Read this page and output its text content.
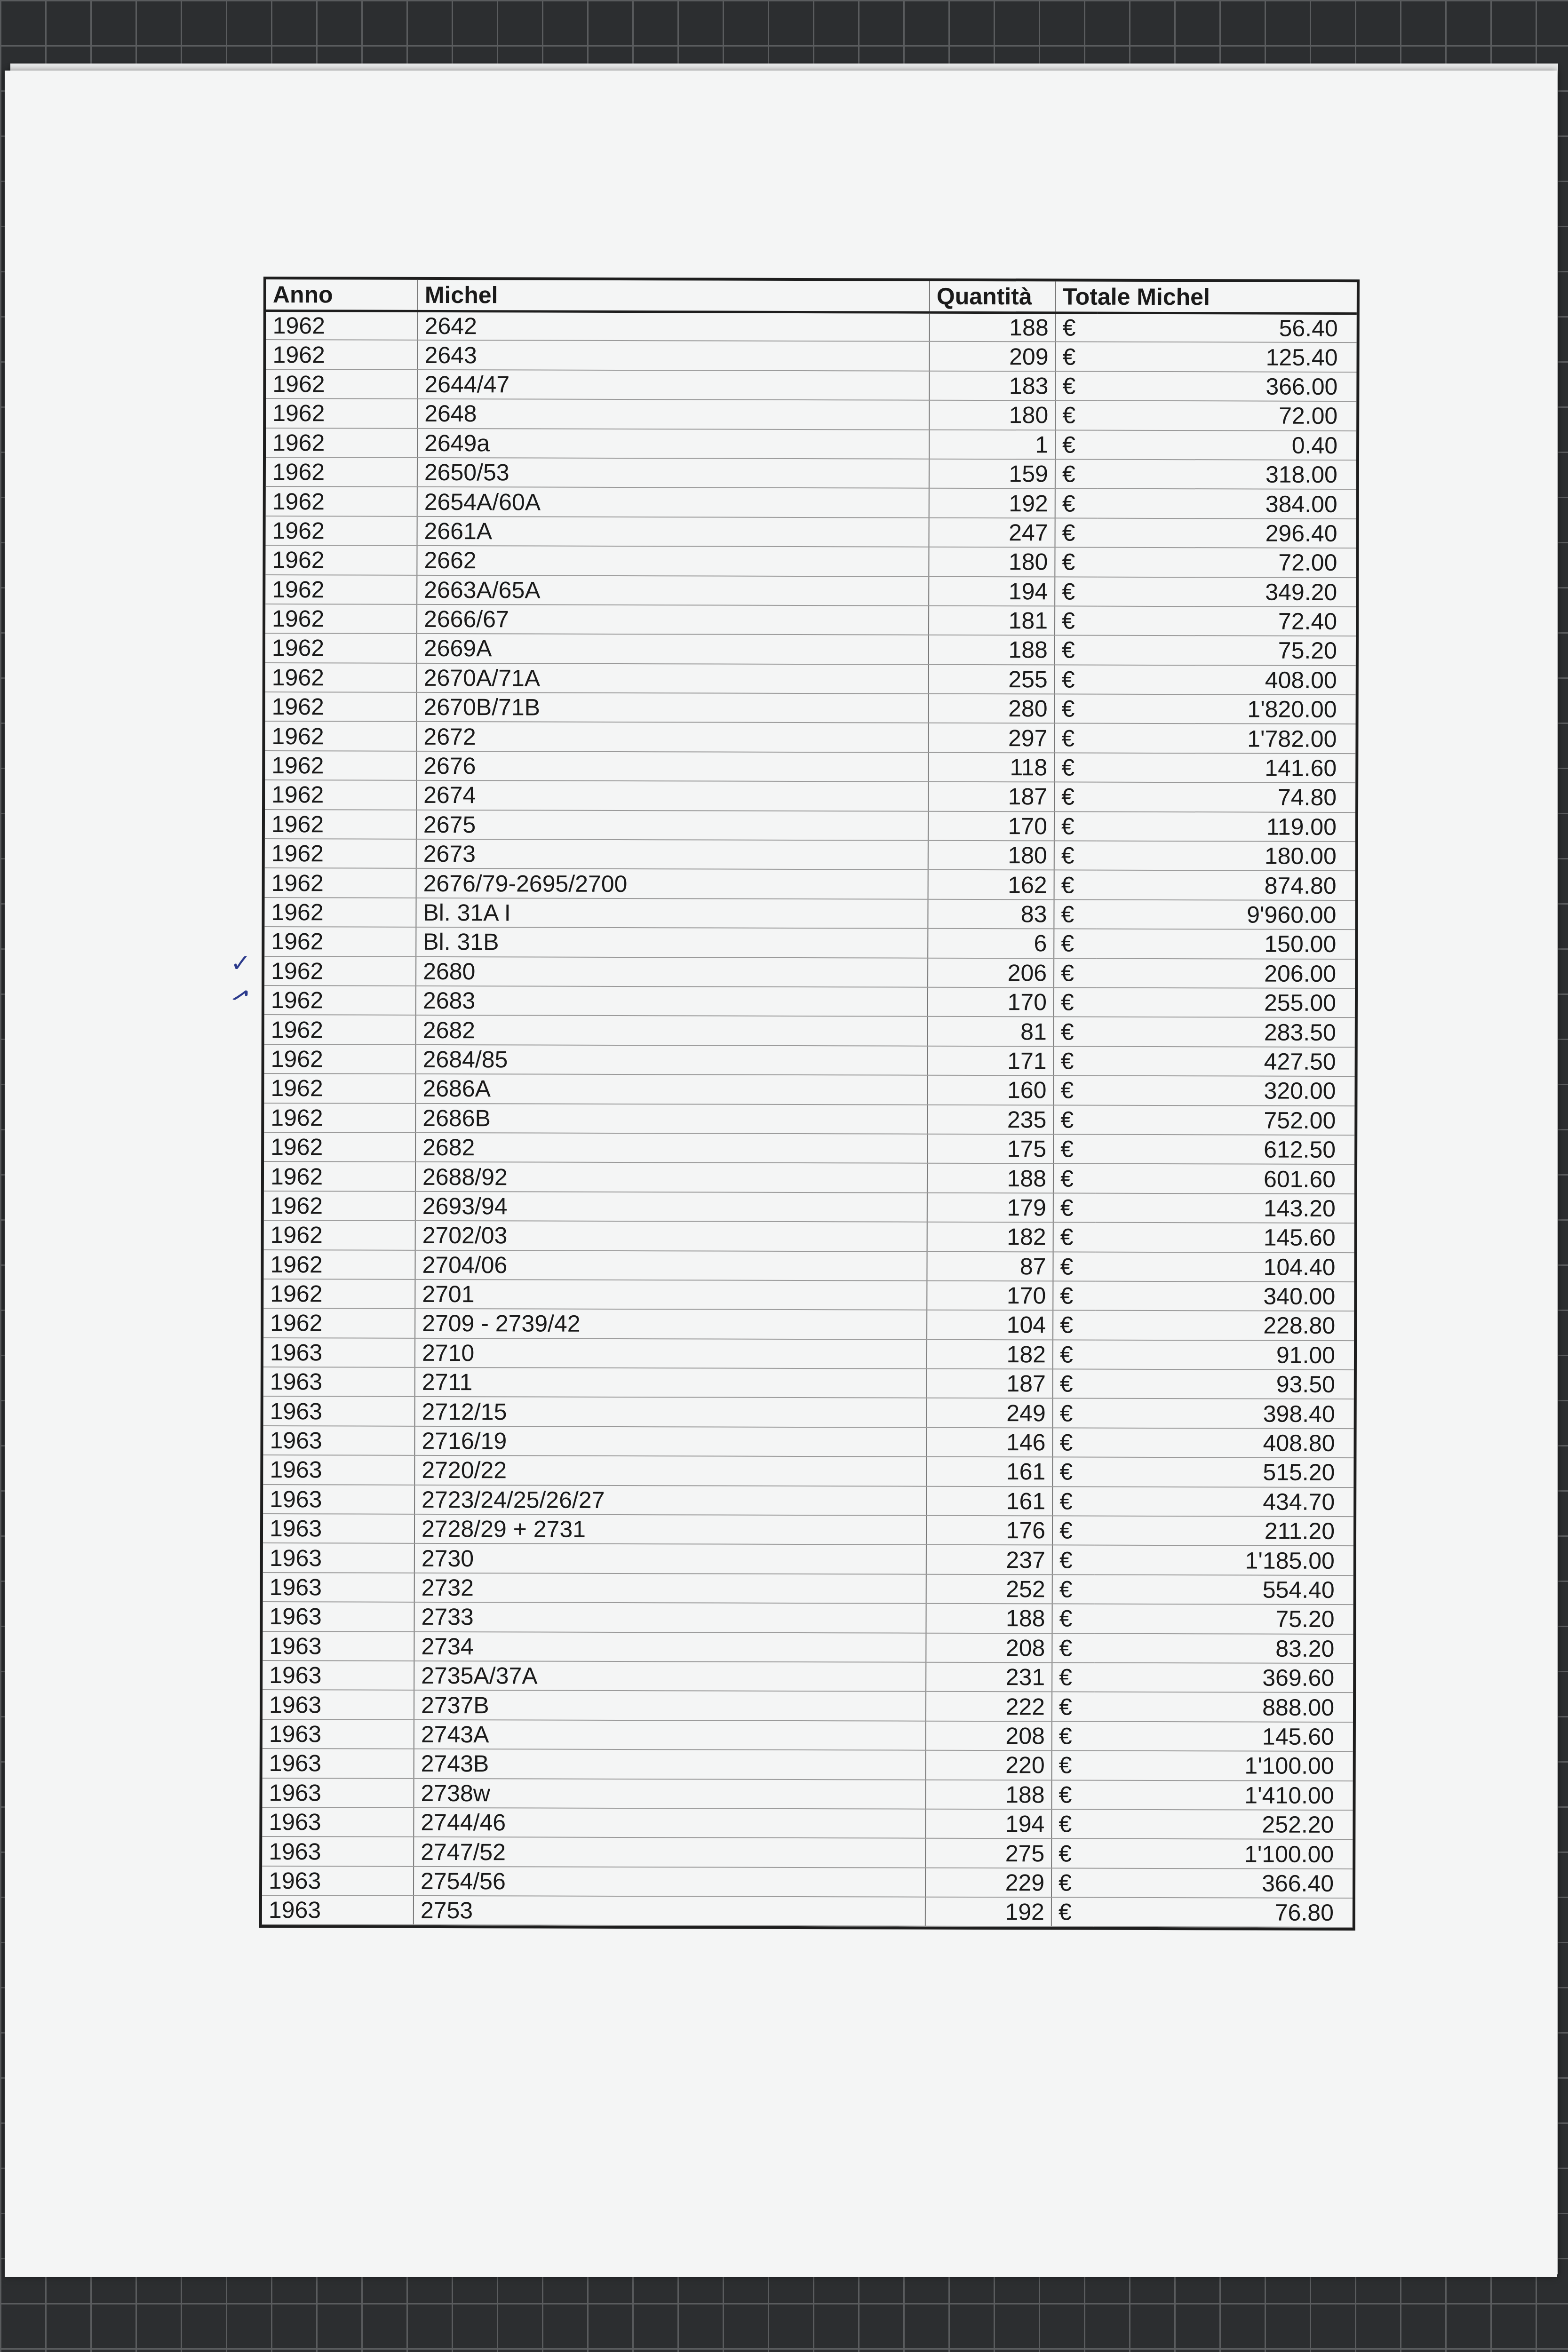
✓
✓
Anno	Michel	Quantità	Totale Michel	
1962	2642	188	€	56.40
1962	2643	209	€	125.40
1962	2644/47	183	€	366.00
1962	2648	180	€	72.00
1962	2649a	1	€	0.40
1962	2650/53	159	€	318.00
1962	2654A/60A	192	€	384.00
1962	2661A	247	€	296.40
1962	2662	180	€	72.00
1962	2663A/65A	194	€	349.20
1962	2666/67	181	€	72.40
1962	2669A	188	€	75.20
1962	2670A/71A	255	€	408.00
1962	2670B/71B	280	€	1'820.00
1962	2672	297	€	1'782.00
1962	2676	118	€	141.60
1962	2674	187	€	74.80
1962	2675	170	€	119.00
1962	2673	180	€	180.00
1962	2676/79-2695/2700	162	€	874.80
1962	Bl. 31A I	83	€	9'960.00
1962	Bl. 31B	6	€	150.00
1962	2680	206	€	206.00
1962	2683	170	€	255.00
1962	2682	81	€	283.50
1962	2684/85	171	€	427.50
1962	2686A	160	€	320.00
1962	2686B	235	€	752.00
1962	2682	175	€	612.50
1962	2688/92	188	€	601.60
1962	2693/94	179	€	143.20
1962	2702/03	182	€	145.60
1962	2704/06	87	€	104.40
1962	2701	170	€	340.00
1962	2709 - 2739/42	104	€	228.80
1963	2710	182	€	91.00
1963	2711	187	€	93.50
1963	2712/15	249	€	398.40
1963	2716/19	146	€	408.80
1963	2720/22	161	€	515.20
1963	2723/24/25/26/27	161	€	434.70
1963	2728/29 + 2731	176	€	211.20
1963	2730	237	€	1'185.00
1963	2732	252	€	554.40
1963	2733	188	€	75.20
1963	2734	208	€	83.20
1963	2735A/37A	231	€	369.60
1963	2737B	222	€	888.00
1963	2743A	208	€	145.60
1963	2743B	220	€	1'100.00
1963	2738w	188	€	1'410.00
1963	2744/46	194	€	252.20
1963	2747/52	275	€	1'100.00
1963	2754/56	229	€	366.40
1963	2753	192	€	76.80
